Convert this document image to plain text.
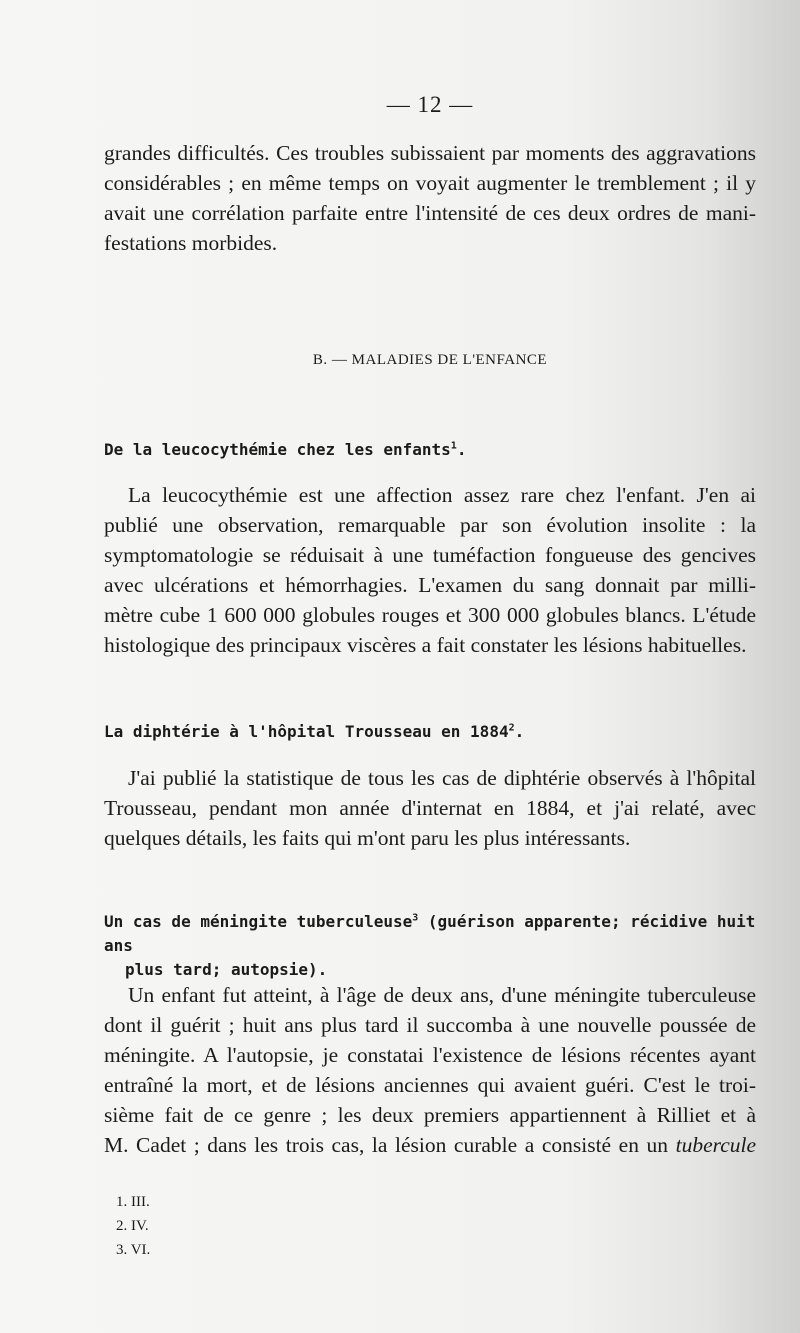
— 12 —

grandes difficultés. Ces troubles subissaient par moments des aggravations
considérables ; en même temps on voyait augmenter le tremblement ; il y
avait une corrélation parfaite entre l'intensité de ces deux ordres de mani-
festations morbides.

B. — MALADIES DE L'ENFANCE
De la leucocythémie chez les enfants$^1$.

La leucocythémie est une affection assez rare chez l'enfant. J'en ai
publié une observation, remarquable par son évolution insolite : la
symptomatologie se réduisait à une tuméfaction fongueuse des gencives
avec ulcérations et hémorrhagies. L'examen du sang donnait par milli-
mètre cube 1 600 000 globules rouges et 300 000 globules blancs. L'étude
histologique des principaux viscères a fait constater les lésions habituelles.

La diphtérie à l'hôpital Trousseau en 1884$^2$.

J'ai publié la statistique de tous les cas de diphtérie observés à l'hôpital
Trousseau, pendant mon année d'internat en 1884, et j'ai relaté, avec
quelques détails, les faits qui m'ont paru les plus intéressants.

Un cas de méningite tuberculeuse$^3$ (guérison apparente; récidive huit ans
plus tard; autopsie).

Un enfant fut atteint, à l'âge de deux ans, d'une méningite tuberculeuse
dont il guérit ; huit ans plus tard il succomba à une nouvelle poussée de
méningite. A l'autopsie, je constatai l'existence de lésions récentes ayant
entraîné la mort, et de lésions anciennes qui avaient guéri. C'est le troi-
sième fait de ce genre ; les deux premiers appartiennent à Rilliet et à
M. Cadet ; dans les trois cas, la lésion curable a consisté en un tubercule

1. III.
2. IV.
3. VI.
